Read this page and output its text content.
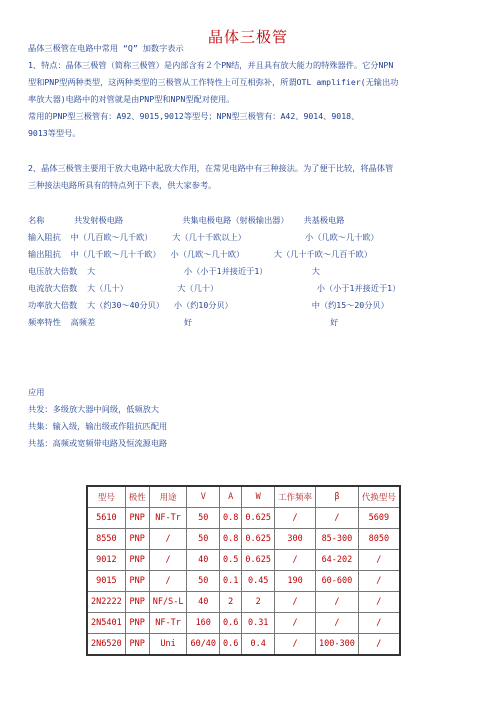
晶体三极管
晶体三极管在电路中常用 “Q” 加数字表示
1、特点：晶体三极管（简称三极管）是内部含有２个PN结，并且具有放大能力的特殊器件。它分NPN
型和PNP型两种类型，这两种类型的三极管从工作特性上可互相弥补，所谓OTL amplifier(无输出功
率放大器)电路中的对管就是由PNP型和NPN型配对使用。
常用的PNP型三极管有：A92、9015,9012等型号；NPN型三极管有：A42、9014、9018、
9013等型号。
2、晶体三极管主要用于放大电路中起放大作用，在常见电路中有三种接法。为了便于比较，将晶体管
三种接法电路所具有的特点列于下表，供大家参考。
名称      共发射极电路            共集电极电路（射极输出器）   共基极电路
输入阻抗  中（几百欧～几千欧）    大（几十千欧以上）            小（几欧～几十欧）
输出阻抗  中（几千欧～几十千欧）  小（几欧～几十欧）      大（几十千欧～几百千欧）
电压放大倍数  大                  小（小于1并接近于1）         大
电流放大倍数  大（几十）          大（几十）                    小（小于1并接近于1）
功率放大倍数  大（约30～40分贝）  小（约10分贝）                中（约15～20分贝）
频率特性  高频差                  好                            好
应用
共发：多级放大器中间级，低频放大
共集：输入级，输出级或作阻抗匹配用
共基：高频或宽频带电路及恒流源电路
型号	极性	用途	V	A	W	工作频率	β	代换型号
5610	PNP	NF-Tr	50	0.8	0.625	/	/	5609
8550	PNP	/	50	0.8	0.625	300	85-300	8050
9012	PNP	/	40	0.5	0.625	/	64-202	/
9015	PNP	/	50	0.1	0.45	190	60-600	/
2N2222	PNP	NF/S-L	40	2	2	/	/	/
2N5401	PNP	NF-Tr	160	0.6	0.31	/	/	/
2N6520	PNP	Uni	60/40	0.6	0.4	/	100-300	/
